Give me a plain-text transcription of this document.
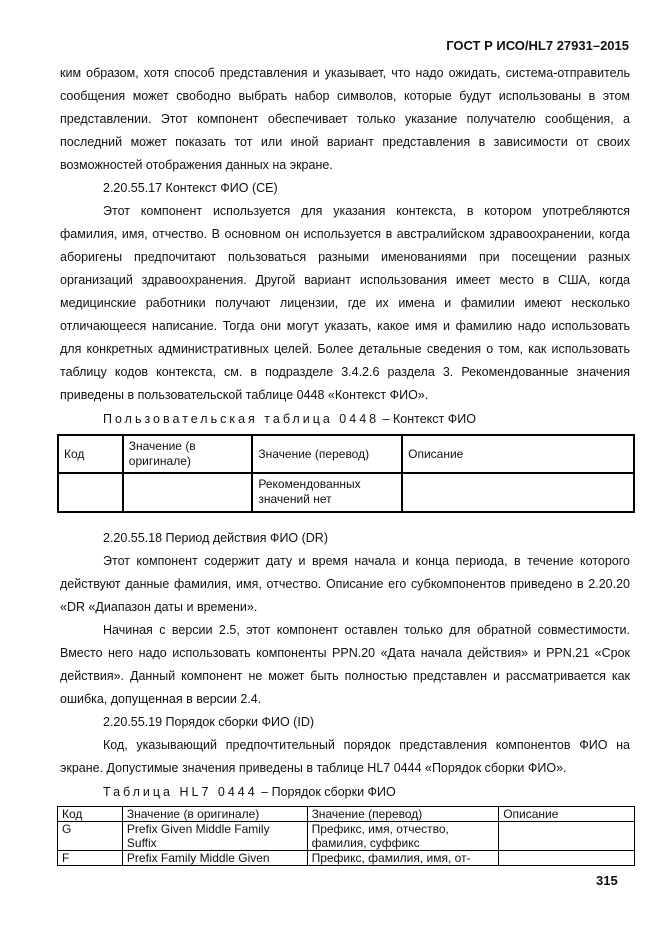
ГОСТ Р ИСО/HL7 27931–2015

ким образом, хотя способ представления и указывает, что надо ожидать, система-отправитель сообщения может свободно выбрать набор символов, которые будут использованы в этом представлении. Этот компонент обеспечивает только указание получателю сообщения, а последний может показать тот или иной вариант представления в зависимости от своих возможностей отображения данных на экране.

2.20.55.17 Контекст ФИО (CE)

Этот компонент используется для указания контекста, в котором употребляются фамилия, имя, отчество. В основном он используется в австралийском здравоохранении, когда аборигены предпочитают пользоваться разными именованиями при посещении разных организаций здравоохранения. Другой вариант использования имеет место в США, когда медицинские работники получают лицензии, где их имена и фамилии имеют несколько отличающееся написание. Тогда они могут указать, какое имя и фамилию надо использовать для конкретных административных целей. Более детальные сведения о том, как использовать таблицу кодов контекста, см. в подразделе 3.4.2.6 раздела 3. Рекомендованные значения приведены в пользовательской таблице 0448 «Контекст ФИО».

Пользовательская таблица 0448 – Контекст ФИО

Код	Значение (в оригинале)	Значение (перевод)	Описание
		Рекомендованных значений нет	

2.20.55.18 Период действия ФИО (DR)

Этот компонент содержит дату и время начала и конца периода, в течение которого действуют данные фамилия, имя, отчество. Описание его субкомпонентов приведено в 2.20.20 «DR «Диапазон даты и времени».

Начиная с версии 2.5, этот компонент оставлен только для обратной совместимости. Вместо него надо использовать компоненты PPN.20 «Дата начала действия» и PPN.21 «Срок действия». Данный компонент не может быть полностью представлен и рассматривается как ошибка, допущенная в версии 2.4.

2.20.55.19 Порядок сборки ФИО (ID)

Код, указывающий предпочтительный порядок представления компонентов ФИО на экране. Допустимые значения приведены в таблице HL7 0444 «Порядок сборки ФИО».

Таблица HL7 0444 – Порядок сборки ФИО

Код	Значение (в оригинале)	Значение (перевод)	Описание
G	Prefix Given Middle Family Suffix	Префикс, имя, отчество, фамилия, суффикс	
F	Prefix Family Middle Given	Префикс, фамилия, имя, от-	
315
